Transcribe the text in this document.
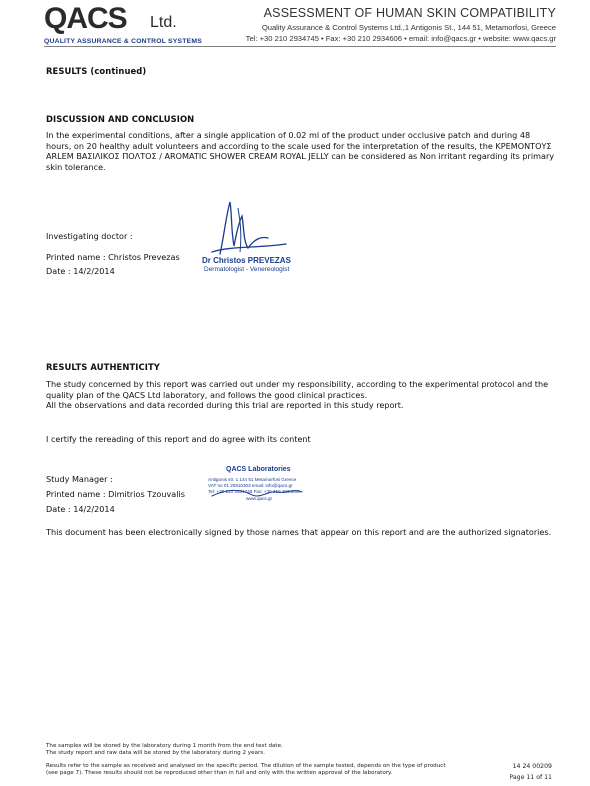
QACS Ltd.
QUALITY ASSURANCE & CONTROL SYSTEMS
ASSESSMENT OF HUMAN SKIN COMPATIBILITY
Quality Assurance & Control Systems Ltd.,1 Antigonis St., 144 51, Metamorfosi, Greece
Tel: +30 210 2934745 • Fax: +30 210 2934606 • email: info@qacs.gr • website: www.qacs.gr
RESULTS (continued)
DISCUSSION AND CONCLUSION
In the experimental conditions, after a single application of 0.02 ml of the product under occlusive patch and during 48
hours, on 20 healthy adult volunteers and according to the scale used for the interpretation of the results, the ΚΡΕΜΟΝΤΟΥΣ
ΑRLEM ΒΑΣΙΛΙΚΟΣ ΠΟΛΤΟΣ / AROMATIC SHOWER CREAM ROYAL JELLY can be considered as Non irritant regarding its primary
skin tolerance.
Investigating doctor :
Printed name : Christos Prevezas
Date : 14/2/2014
Dr Christos PREVEZAS
Dermatologist - Venereologist
RESULTS AUTHENTICITY
The study concerned by this report was carried out under my responsibility, according to the experimental protocol and the
quality plan of the QACS Ltd laboratory, and follows the good clinical practices.
All the observations and data recorded during this trial are reported in this study report.
I certify the rereading of this report and do agree with its content
Study Manager :
Printed name : Dimitrios Tzouvalis
Date : 14/2/2014
QACS Laboratories
Antigonis str. 1 144 51 Metamorfosi Greece
VAT no 01 20910303 email: info@qacs.gr
Tel: +30 210 2934745 Fax: +30 210 2934606
www.qacs.gr
This document has been electronically signed by those names that appear on this report and are the authorized signatories.
The samples will be stored by the laboratory during 1 month from the end test date.
The study report and raw data will be stored by the laboratory during 2 years.
Results refer to the sample as received and analysed on the specific period. The dilution of the sample tested, depends on the type of product
(see page 7). These results should not be reproduced other than in full and only with the written approval of the laboratory.
14 24 00209
Page 11 of 11
